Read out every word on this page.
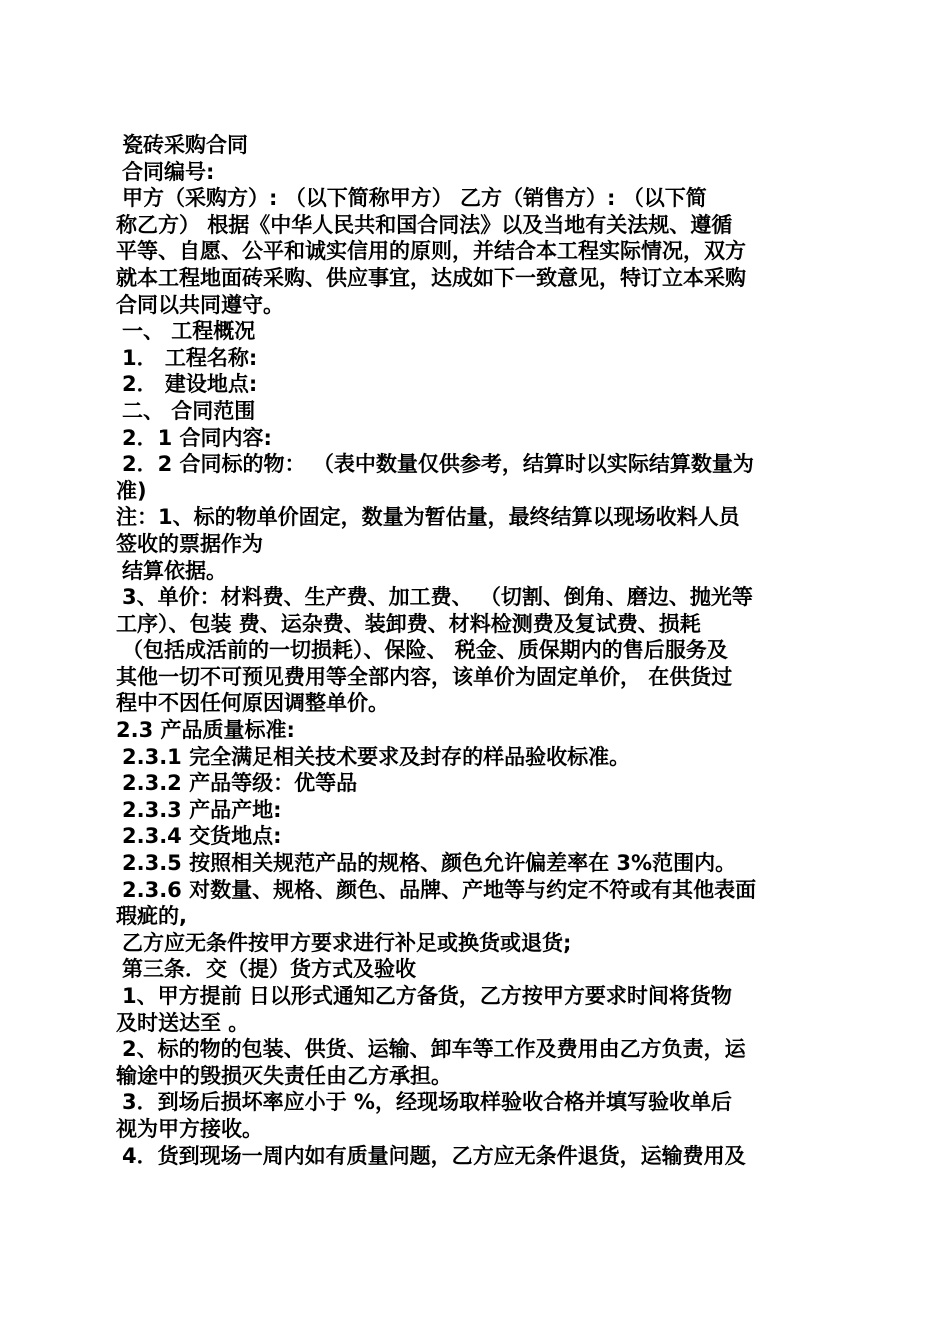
瓷砖采购合同
合同编号:
甲方（采购方）: （以下简称甲方） 乙方（销售方）: （以下简
称乙方） 根据《中华人民共和国合同法》以及当地有关法规、遵循
平等、自愿、公平和诚实信用的原则，并结合本工程实际情况，双方
就本工程地面砖采购、供应事宜，达成如下一致意见，特订立本采购
合同以共同遵守。
一、 工程概况
1． 工程名称:
2． 建设地点:
二、 合同范围
2．1 合同内容:
2．2 合同标的物： （表中数量仅供参考，结算时以实际结算数量为
准)
注：1、标的物单价固定，数量为暂估量，最终结算以现场收料人员
签收的票据作为
结算依据。
3、单价：材料费、生产费、加工费、 （切割、倒角、磨边、抛光等
工序）、包装 费、运杂费、装卸费、材料检测费及复试费、损耗
（包括成活前的一切损耗）、保险、 税金、质保期内的售后服务及
其他一切不可预见费用等全部内容，该单价为固定单价， 在供货过
程中不因任何原因调整单价。
2.3 产品质量标准:
2.3.1 完全满足相关技术要求及封存的样品验收标准。
2.3.2 产品等级：优等品
2.3.3 产品产地:
2.3.4 交货地点:
2.3.5 按照相关规范产品的规格、颜色允许偏差率在 3%范围内。
2.3.6 对数量、规格、颜色、品牌、产地等与约定不符或有其他表面
瑕疵的,
乙方应无条件按甲方要求进行补足或换货或退货;
第三条．交（提）货方式及验收
1、甲方提前 日以形式通知乙方备货，乙方按甲方要求时间将货物
及时送达至 。
2、标的物的包装、供货、运输、卸车等工作及费用由乙方负责，运
输途中的毁损灭失责任由乙方承担。
3．到场后损坏率应小于 %，经现场取样验收合格并填写验收单后
视为甲方接收。
4．货到现场一周内如有质量问题，乙方应无条件退货，运输费用及
